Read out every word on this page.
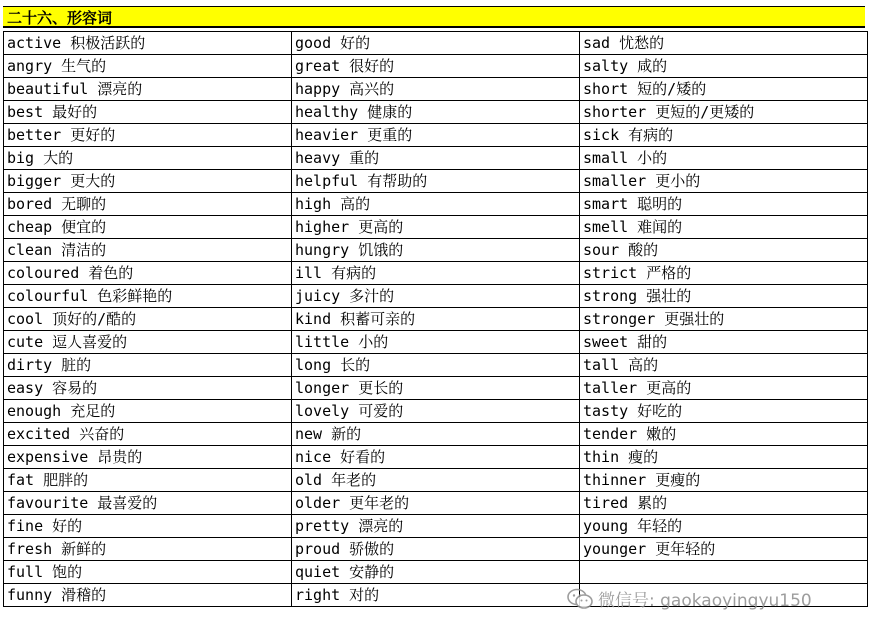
二十六、形容词
active 积极活跃的	good 好的	sad 忧愁的
angry 生气的	great 很好的	salty 咸的
beautiful 漂亮的	happy 高兴的	short 短的/矮的
best 最好的	healthy 健康的	shorter 更短的/更矮的
better 更好的	heavier 更重的	sick 有病的
big 大的	heavy 重的	small 小的
bigger 更大的	helpful 有帮助的	smaller 更小的
bored 无聊的	high 高的	smart 聪明的
cheap 便宜的	higher 更高的	smell 难闻的
clean 清洁的	hungry 饥饿的	sour 酸的
coloured 着色的	ill 有病的	strict 严格的
colourful 色彩鲜艳的	juicy 多汁的	strong 强壮的
cool 顶好的/酷的	kind 积蓄可亲的	stronger 更强壮的
cute 逗人喜爱的	little 小的	sweet 甜的
dirty 脏的	long 长的	tall 高的
easy 容易的	longer 更长的	taller 更高的
enough 充足的	lovely 可爱的	tasty 好吃的
excited 兴奋的	new 新的	tender 嫩的
expensive 昂贵的	nice 好看的	thin 瘦的
fat 肥胖的	old 年老的	thinner 更瘦的
favourite 最喜爱的	older 更年老的	tired 累的
fine 好的	pretty 漂亮的	young 年轻的
fresh 新鲜的	proud 骄傲的	younger 更年轻的
full 饱的	quiet 安静的	
funny 滑稽的	right 对的		微信号: gaokaoyingyu150
